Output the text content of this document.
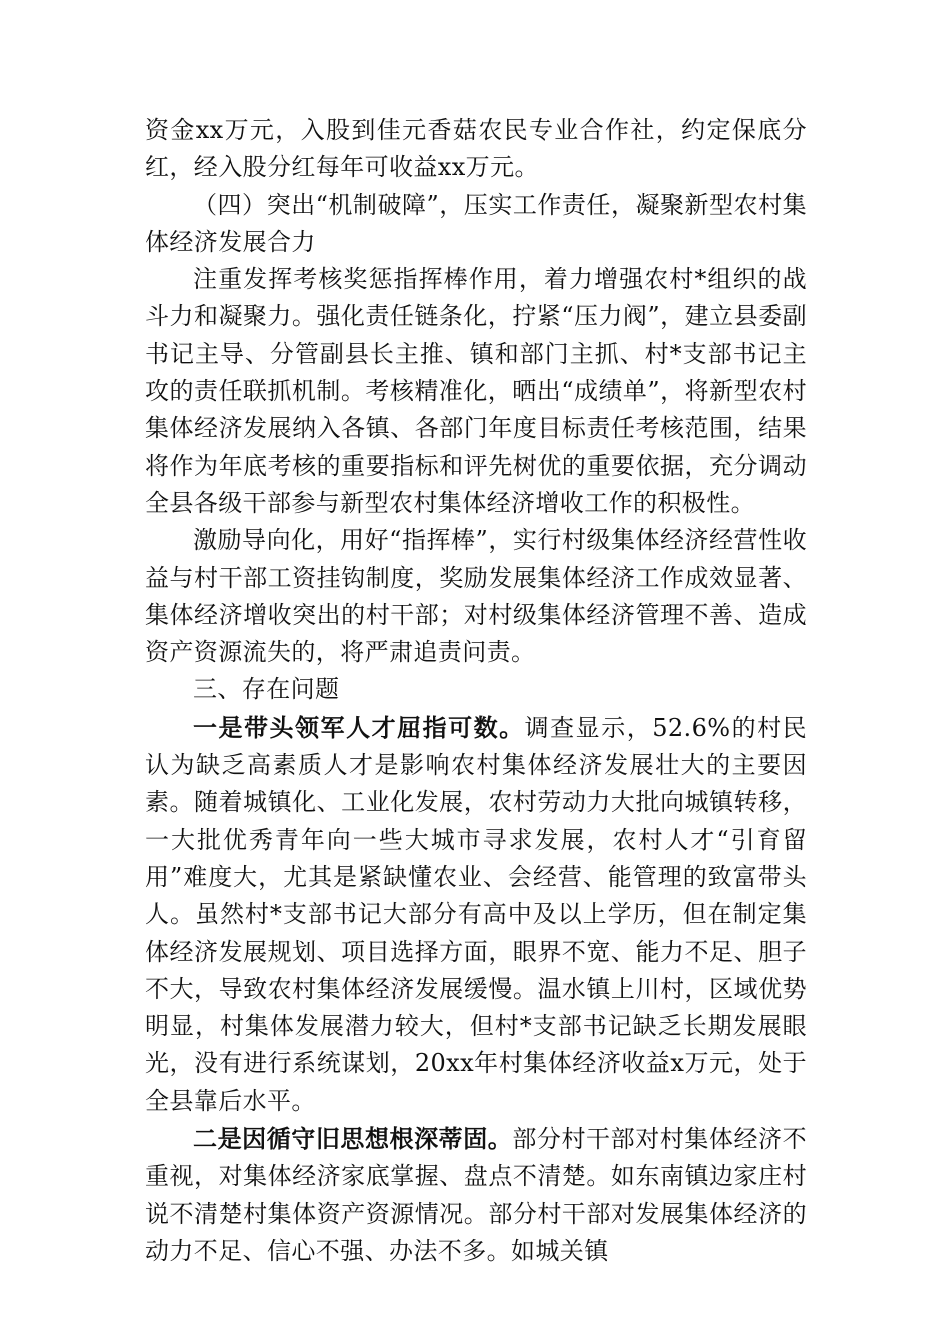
资金xx万元，入股到佳元香菇农民专业合作社，约定保底分红，经入股分红每年可收益xx万元。

（四）突出“机制破障”，压实工作责任，凝聚新型农村集体经济发展合力

注重发挥考核奖惩指挥棒作用，着力增强农村*组织的战斗力和凝聚力。强化责任链条化，拧紧“压力阀”，建立县委副书记主导、分管副县长主推、镇和部门主抓、村*支部书记主攻的责任联抓机制。考核精准化，晒出“成绩单”，将新型农村集体经济发展纳入各镇、各部门年度目标责任考核范围，结果将作为年底考核的重要指标和评先树优的重要依据，充分调动全县各级干部参与新型农村集体经济增收工作的积极性。

激励导向化，用好“指挥棒”，实行村级集体经济经营性收益与村干部工资挂钩制度，奖励发展集体经济工作成效显著、集体经济增收突出的村干部；对村级集体经济管理不善、造成资产资源流失的，将严肃追责问责。

三、存在问题

一是带头领军人才屈指可数。调查显示，52.6%的村民认为缺乏高素质人才是影响农村集体经济发展壮大的主要因素。随着城镇化、工业化发展，农村劳动力大批向城镇转移，一大批优秀青年向一些大城市寻求发展，农村人才“引育留用”难度大，尤其是紧缺懂农业、会经营、能管理的致富带头人。虽然村*支部书记大部分有高中及以上学历，但在制定集体经济发展规划、项目选择方面，眼界不宽、能力不足、胆子不大，导致农村集体经济发展缓慢。温水镇上川村，区域优势明显，村集体发展潜力较大，但村*支部书记缺乏长期发展眼光，没有进行系统谋划，20xx年村集体经济收益x万元，处于全县靠后水平。

二是因循守旧思想根深蒂固。部分村干部对村集体经济不重视，对集体经济家底掌握、盘点不清楚。如东南镇边家庄村说不清楚村集体资产资源情况。部分村干部对发展集体经济的动力不足、信心不强、办法不多。如城关镇
